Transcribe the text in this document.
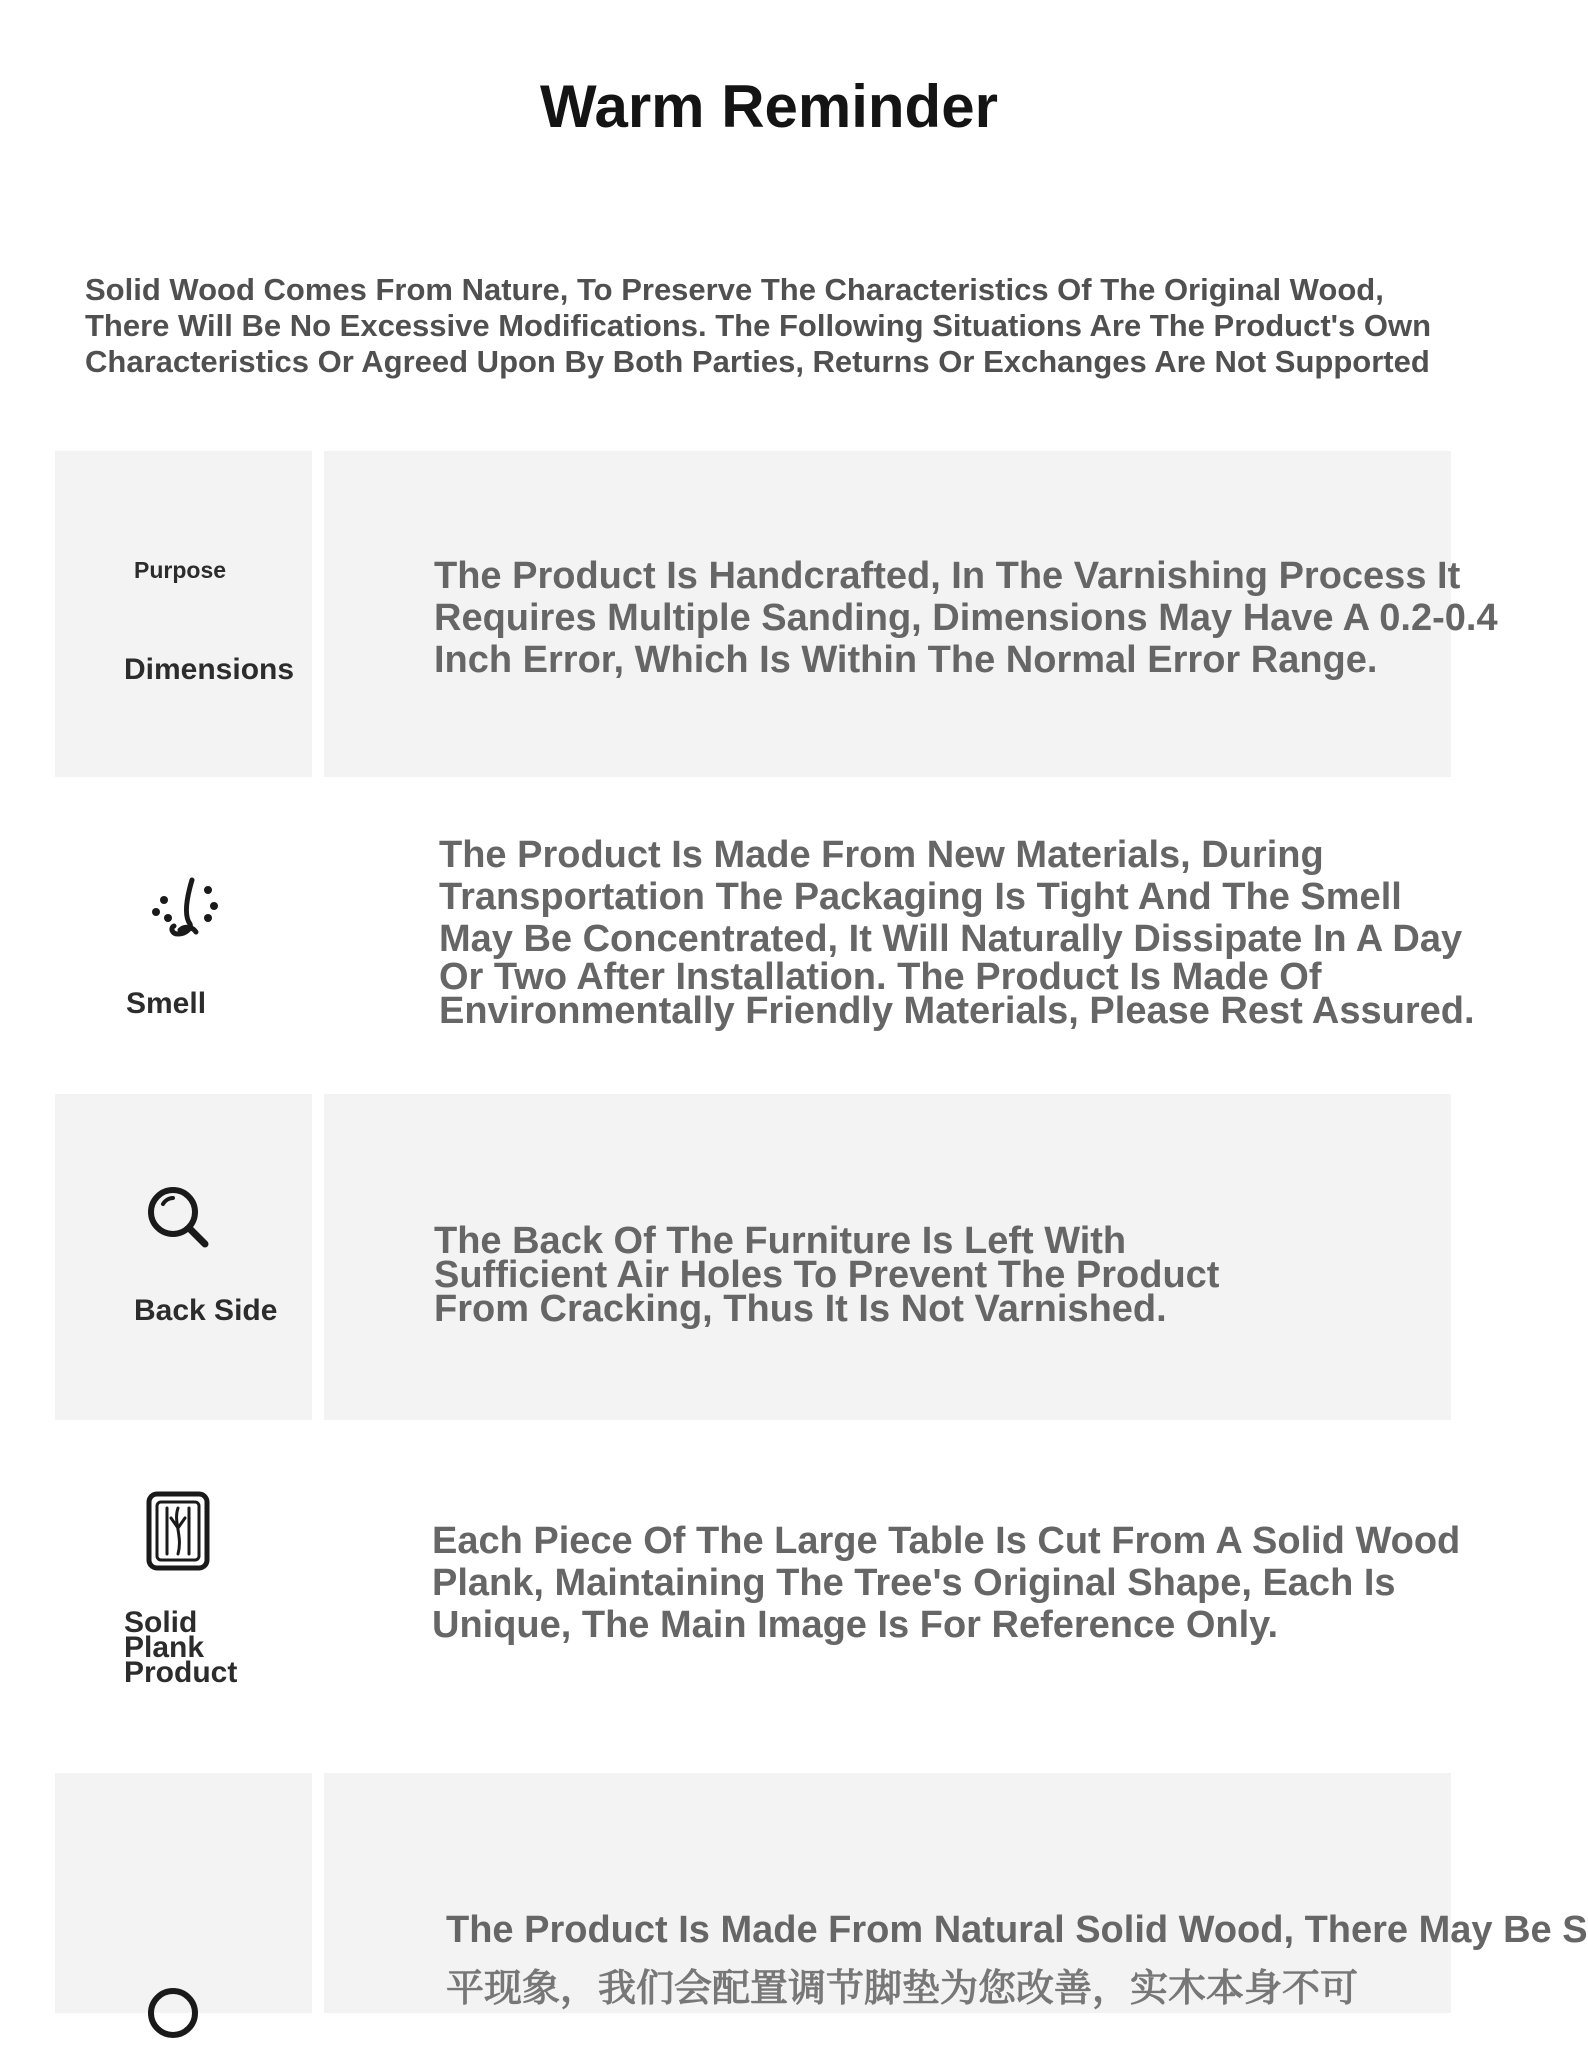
Warm Reminder
Solid Wood Comes From Nature, To Preserve The Characteristics Of The Original Wood,
There Will Be No Excessive Modifications. The Following Situations Are The Product's Own
Characteristics Or Agreed Upon By Both Parties, Returns Or Exchanges Are Not Supported
Purpose
Dimensions
The Product Is Handcrafted, In The Varnishing Process It
Requires Multiple Sanding, Dimensions May Have A 0.2-0.4
Inch Error, Which Is Within The Normal Error Range.
Smell
The Product Is Made From New Materials, During
Transportation The Packaging Is Tight And The Smell
May Be Concentrated, It Will Naturally Dissipate In A Day
Or Two After Installation. The Product Is Made Of
Environmentally Friendly Materials, Please Rest Assured.
Back Side
The Back Of The Furniture Is Left With
Sufficient Air Holes To Prevent The Product
From Cracking, Thus It Is Not Varnished.
Solid
Plank
Product
Each Piece Of The Large Table Is Cut From A Solid Wood
Plank, Maintaining The Tree's Original Shape, Each Is
Unique, The Main Image Is For Reference Only.
The Product Is Made From Natural Solid Wood, There May Be S
平现象，我们会配置调节脚垫为您改善，实木本身不可
